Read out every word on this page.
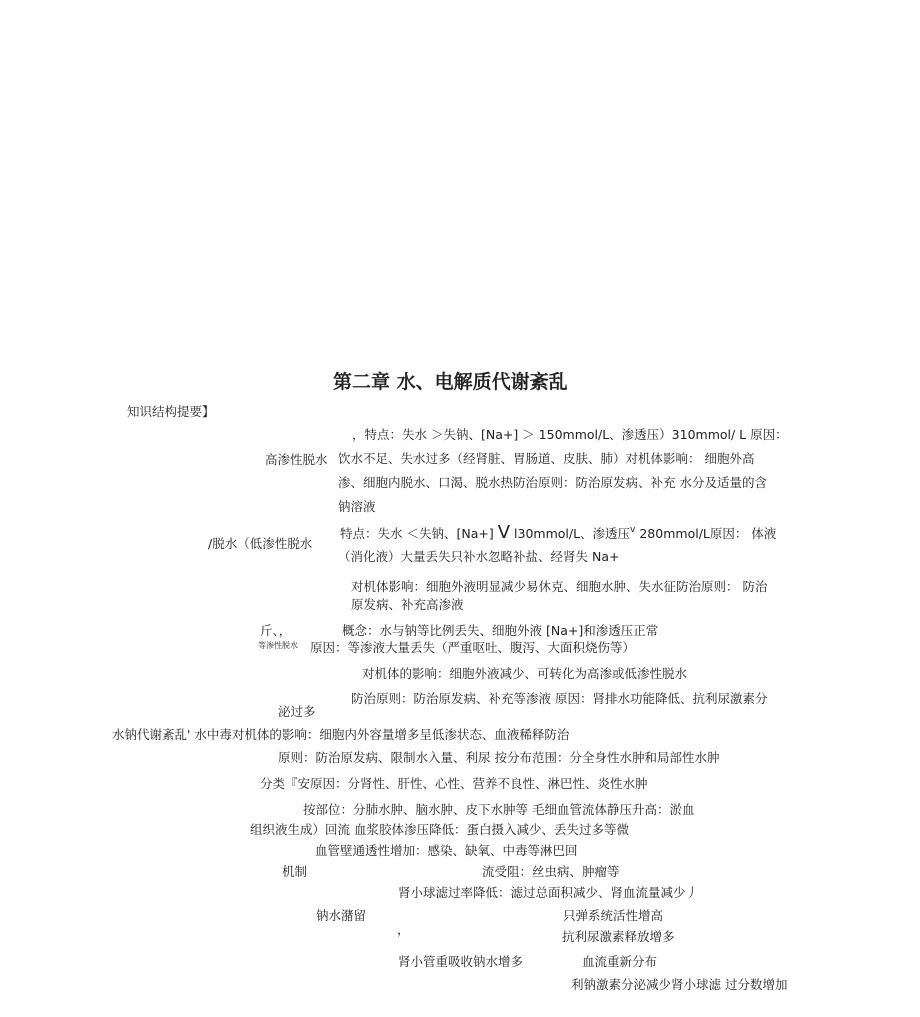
第二章 水、电解质代谢紊乱
知识结构提要】
高渗性脱水
，特点：失水 ＞失钠、[Na+] ＞ 150mmol/L、渗透压）310mmol/ L 原因：
饮水不足、失水过多（经肾脏、胃肠道、皮肤、肺）对机体影响： 细胞外高
渗、细胞内脱水、口渴、脱水热防治原则：防治原发病、补充 水分及适量的含
钠溶液
/脱水（低渗性脱水
特点：失水 ＜失钠、[Na+] V l30mmol/L、渗透压$^v$ 280mmol/L原因： 体液
（消化液）大量丢失只补水忽略补盐、经肾失 Na+
对机体影响：细胞外液明显减少易休克、细胞水肿、失水征防治原则： 防治
原发病、补充高渗液
斤、，
等渗性脱水
概念：水与钠等比例丢失、细胞外液 [Na+]和渗透压正常
原因：等渗液大量丢失（严重呕吐、腹泻、大面积烧伤等）
对机体的影响：细胞外液减少、可转化为高渗或低渗性脱水
防治原则：防治原发病、补充等渗液 原因：肾排水功能降低、抗利尿激素分
泌过多
水钠代谢紊乱' 水中毒对机体的影响：细胞内外容量增多呈低渗状态、血液稀释防治
原则：防治原发病、限制水入量、利尿 按分布范围：分全身性水肿和局部性水肿
分类『安原因：分肾性、肝性、心性、营养不良性、淋巴性、炎性水肿
按部位：分肺水肿、脑水肿、皮下水肿等 毛细血管流体静压升高：淤血
组织液生成）回流 血浆胶体渗压降低：蛋白摄入减少、丢失过多等微
血管壁通透性增加：感染、缺氧、中毒等淋巴回
机制	流受阻：丝虫病、肿瘤等
肾小球滤过率降低：滤过总面积减少、肾血流量减少丿
钠水潴留	只弹系统活性增高
，	抗利尿激素释放增多
肾小管重吸收钠水增多	血流重新分布
利钠激素分泌减少肾小球滤 过分数增加
